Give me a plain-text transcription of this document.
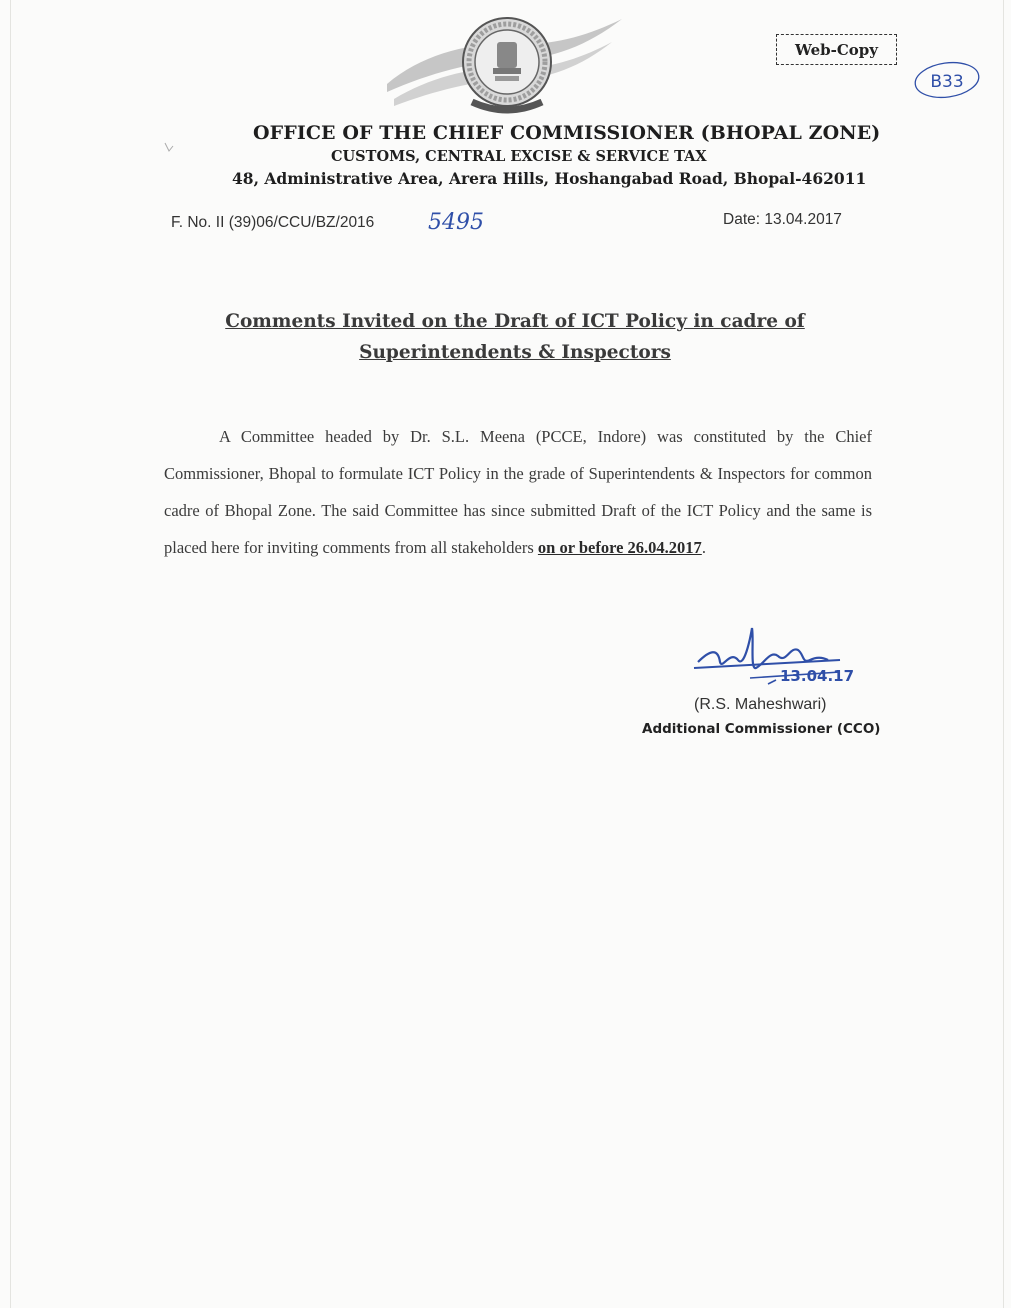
Web-Copy
B33
OFFICE OF THE CHIEF COMMISSIONER (BHOPAL ZONE)
CUSTOMS, CENTRAL EXCISE & SERVICE TAX
48, Administrative Area, Arera Hills, Hoshangabad Road, Bhopal-462011
F. No. II (39)06/CCU/BZ/2016 5495	Date: 13.04.2017
Comments Invited on the Draft of ICT Policy in cadre of Superintendents & Inspectors
A Committee headed by Dr. S.L. Meena (PCCE, Indore) was constituted by the Chief Commissioner, Bhopal to formulate ICT Policy in the grade of Superintendents & Inspectors for common cadre of Bhopal Zone. The said Committee has since submitted Draft of the ICT Policy and the same is placed here for inviting comments from all stakeholders on or before 26.04.2017.
13.04.17
(R.S. Maheshwari)
Additional Commissioner (CCO)
